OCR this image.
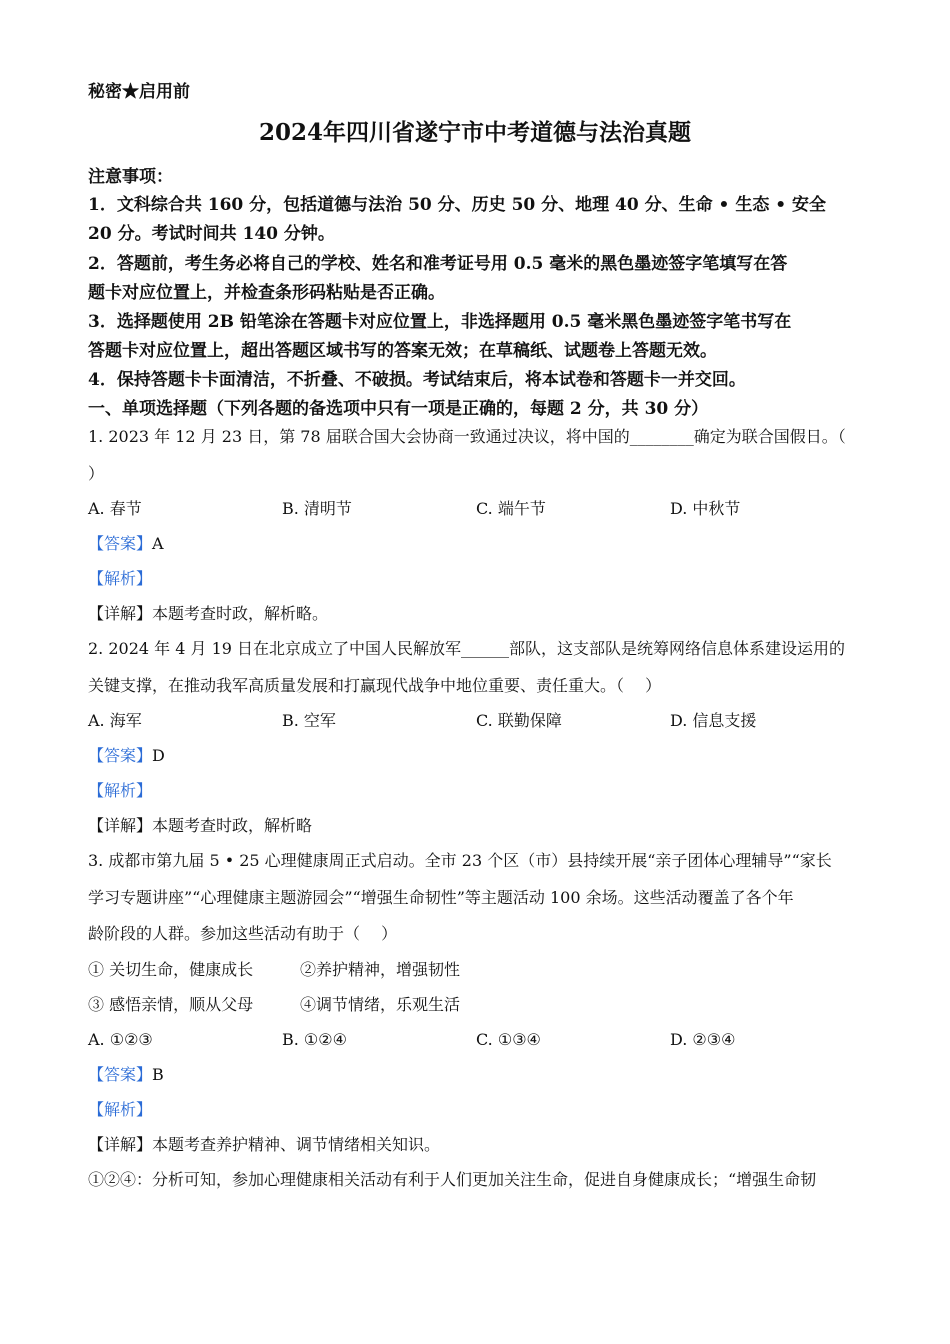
秘密★启用前
2024年四川省遂宁市中考道德与法治真题
注意事项：
1．文科综合共 160 分，包括道德与法治 50 分、历史 50 分、地理 40 分、生命 • 生态 • 安全
20 分。考试时间共 140 分钟。
2．答题前，考生务必将自己的学校、姓名和准考证号用 0.5 毫米的黑色墨迹签字笔填写在答
题卡对应位置上，并检查条形码粘贴是否正确。
3．选择题使用 2B 铅笔涂在答题卡对应位置上，非选择题用 0.5 毫米黑色墨迹签字笔书写在
答题卡对应位置上，超出答题区域书写的答案无效；在草稿纸、试题卷上答题无效。
4．保持答题卡卡面清洁，不折叠、不破损。考试结束后，将本试卷和答题卡一并交回。
一、单项选择题（下列各题的备选项中只有一项是正确的，每题 2 分，共 30 分）
1. 2023 年 12 月 23 日，第 78 届联合国大会协商一致通过决议，将中国的________确定为联合国假日。（
）
A. 春节	B. 清明节	C. 端午节	D. 中秋节
【答案】A
【解析】
【详解】本题考查时政，解析略。
2. 2024 年 4 月 19 日在北京成立了中国人民解放军______部队，这支部队是统筹网络信息体系建设运用的
关键支撑，在推动我军高质量发展和打赢现代战争中地位重要、责任重大。（　 ）
A. 海军	B. 空军	C. 联勤保障	D. 信息支援
【答案】D
【解析】
【详解】本题考查时政，解析略
3. 成都市第九届 5 • 25 心理健康周正式启动。全市 23 个区（市）县持续开展“亲子团体心理辅导”“家长
学习专题讲座”“心理健康主题游园会”“增强生命韧性”等主题活动 100 余场。这些活动覆盖了各个年
龄阶段的人群。参加这些活动有助于（　 ）
① 关切生命，健康成长	②养护精神，增强韧性
③ 感悟亲情，顺从父母	④调节情绪，乐观生活
A. ①②③	B. ①②④	C. ①③④	D. ②③④
【答案】B
【解析】
【详解】本题考查养护精神、调节情绪相关知识。
①②④：分析可知，参加心理健康相关活动有利于人们更加关注生命，促进自身健康成长；“增强生命韧
